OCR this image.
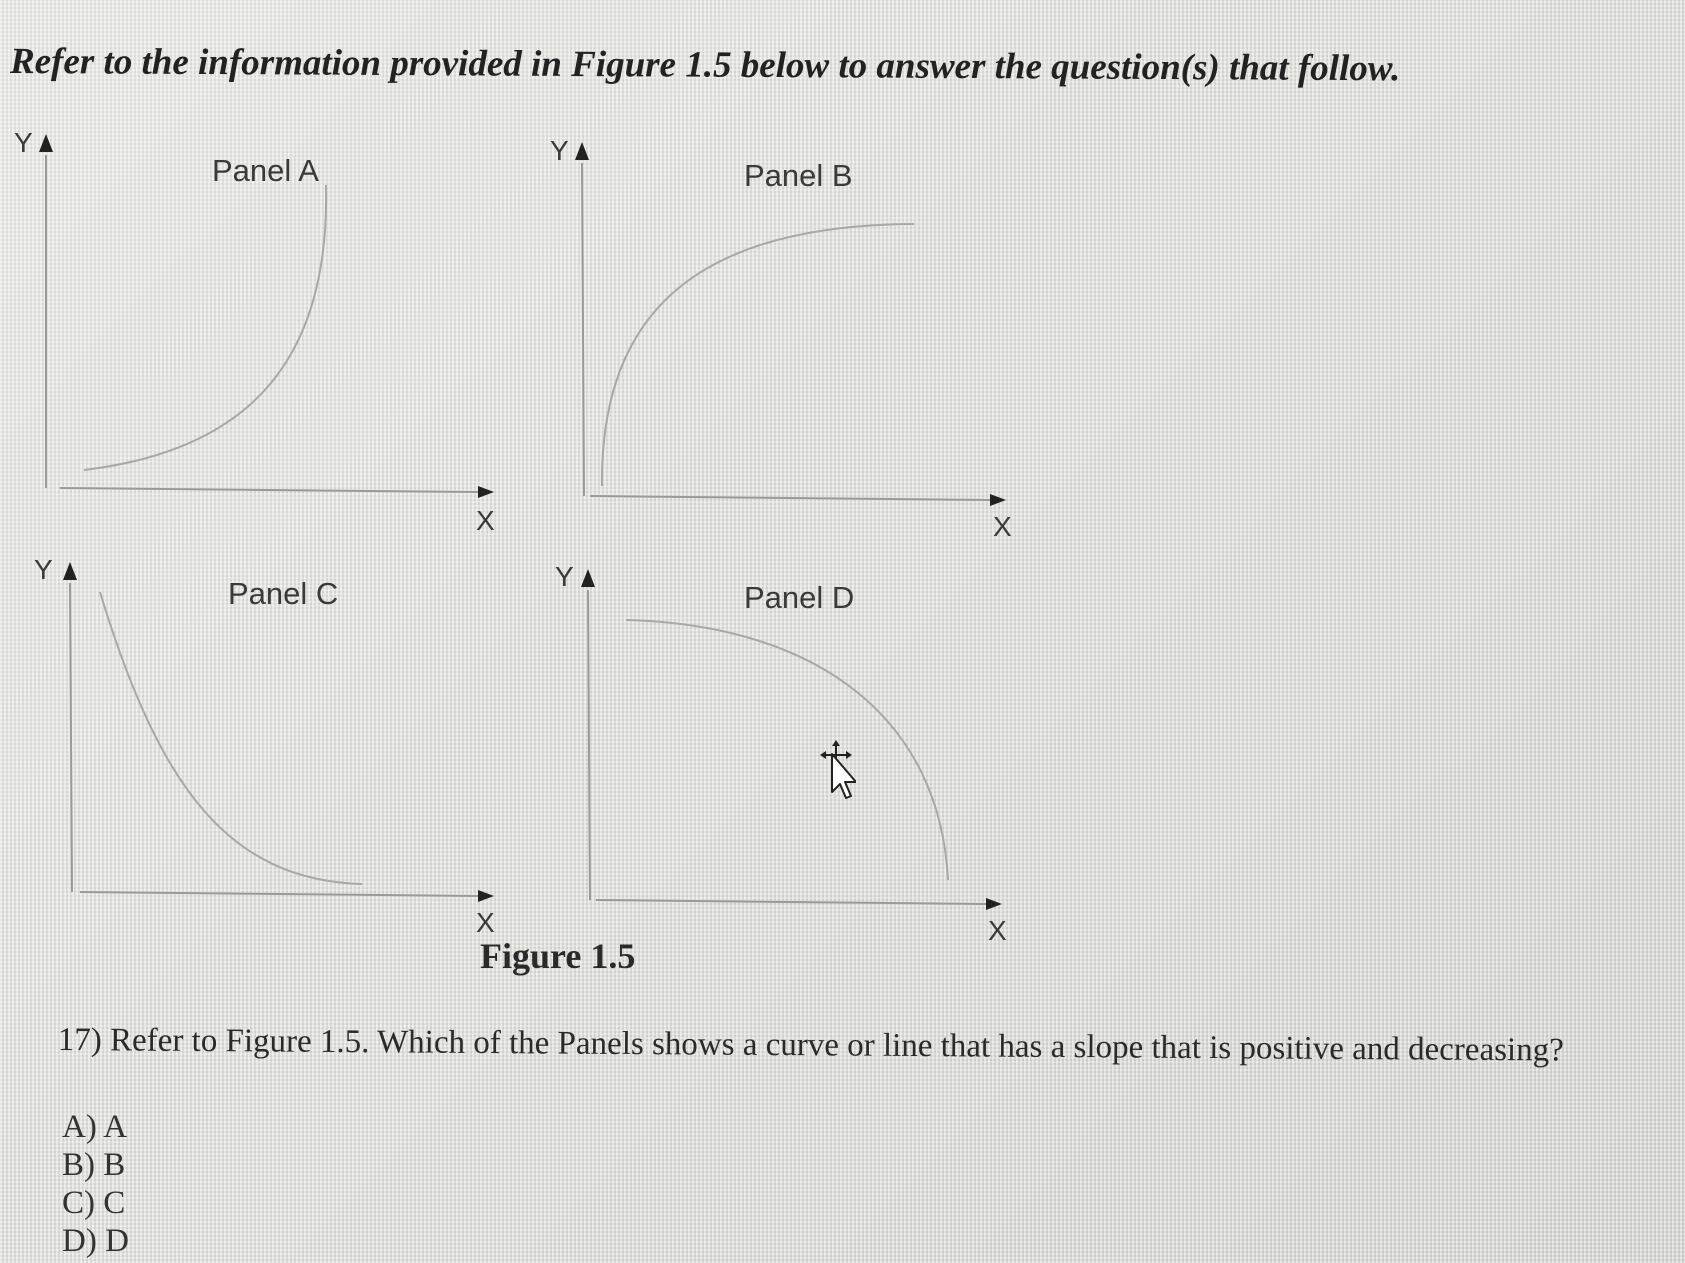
Refer to the information provided in Figure 1.5 below to answer the question(s) that follow.
Y
X
Panel A
Y
X
Panel B
Y
X
Panel C	Y
X
Panel D
Figure 1.5
17) Refer to Figure 1.5. Which of the Panels shows a curve or line that has a slope that is positive and decreasing?
A) A
B) B
C) C
D) D
